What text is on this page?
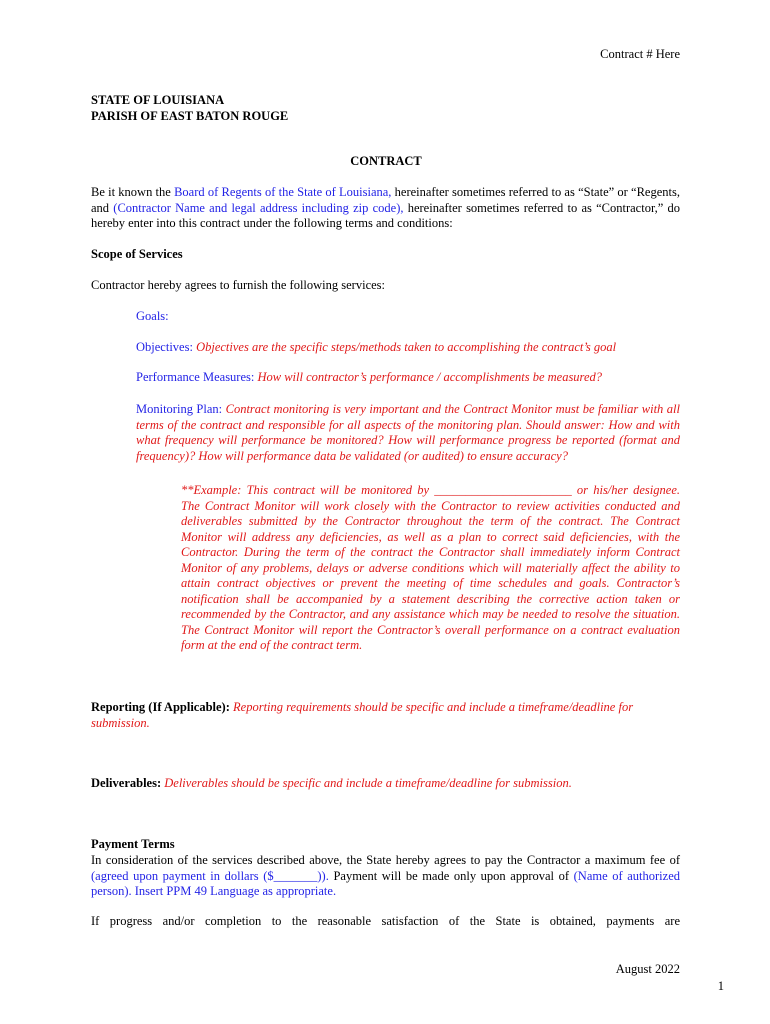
Contract # Here
STATE OF LOUISIANA
PARISH OF EAST BATON ROUGE
CONTRACT
Be it known the Board of Regents of the State of Louisiana, hereinafter sometimes referred to as “State” or “Regents, and (Contractor Name and legal address including zip code), hereinafter sometimes referred to as “Contractor,” do hereby enter into this contract under the following terms and conditions:
Scope of Services
Contractor hereby agrees to furnish the following services:
Goals:
Objectives: Objectives are the specific steps/methods taken to accomplishing the contract’s goal
Performance Measures: How will contractor’s performance / accomplishments be measured?
Monitoring Plan: Contract monitoring is very important and the Contract Monitor must be familiar with all terms of the contract and responsible for all aspects of the monitoring plan. Should answer: How and with what frequency will performance be monitored? How will performance progress be reported (format and frequency)? How will performance data be validated (or audited) to ensure accuracy?
**Example: This contract will be monitored by ______________________ or his/her designee. The Contract Monitor will work closely with the Contractor to review activities conducted and deliverables submitted by the Contractor throughout the term of the contract. The Contract Monitor will address any deficiencies, as well as a plan to correct said deficiencies, with the Contractor. During the term of the contract the Contractor shall immediately inform Contract Monitor of any problems, delays or adverse conditions which will materially affect the ability to attain contract objectives or prevent the meeting of time schedules and goals. Contractor’s notification shall be accompanied by a statement describing the corrective action taken or recommended by the Contractor, and any assistance which may be needed to resolve the situation. The Contract Monitor will report the Contractor’s overall performance on a contract evaluation form at the end of the contract term.
Reporting (If Applicable): Reporting requirements should be specific and include a timeframe/deadline for submission.
Deliverables: Deliverables should be specific and include a timeframe/deadline for submission.
Payment Terms
In consideration of the services described above, the State hereby agrees to pay the Contractor a maximum fee of (agreed upon payment in dollars ($_______)). Payment will be made only upon approval of (Name of authorized person). Insert PPM 49 Language as appropriate.
If progress and/or completion to the reasonable satisfaction of the State is obtained, payments are
August 2022
1
